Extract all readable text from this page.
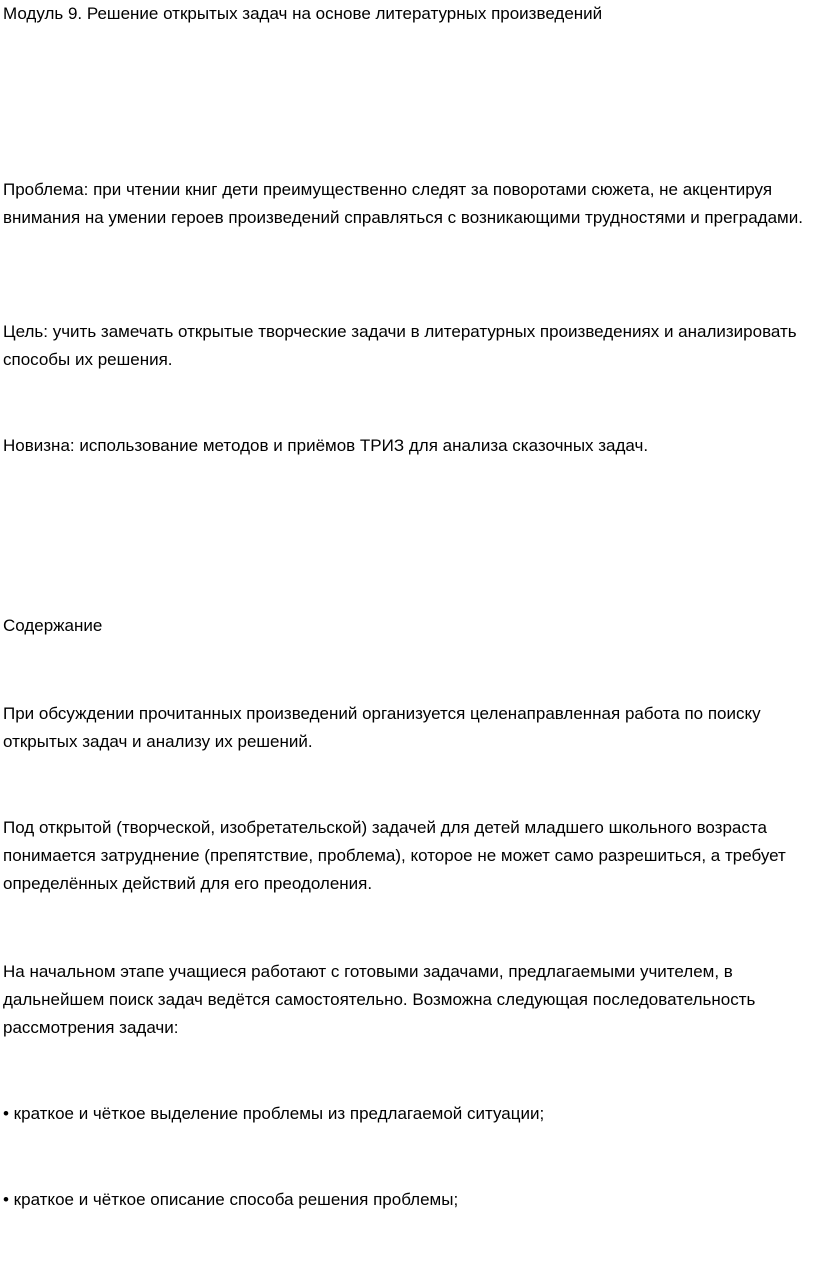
Модуль 9. Решение открытых задач на основе литературных произведений

Проблема: при чтении книг дети преимущественно следят за поворотами сюжета, не акцентируя внимания на умении героев произведений справляться с возникающими трудностями и преградами.

Цель: учить замечать открытые творческие задачи в литературных произведениях и анализировать способы их решения.

Новизна: использование методов и приёмов ТРИЗ для анализа сказочных задач.

Содержание

При обсуждении прочитанных произведений организуется целенаправленная работа по поиску открытых задач и анализу их решений.

Под открытой (творческой, изобретательской) задачей для детей младшего школьного возраста понимается затруднение (препятствие, проблема), которое не может само разрешиться, а требует определённых действий для его преодоления.

На начальном этапе учащиеся работают с готовыми задачами, предлагаемыми учителем, в дальнейшем поиск задач ведётся самостоятельно. Возможна следующая последовательность рассмотрения задачи:

• краткое и чёткое выделение проблемы из предлагаемой ситуации;

• краткое и чёткое описание способа решения проблемы;
